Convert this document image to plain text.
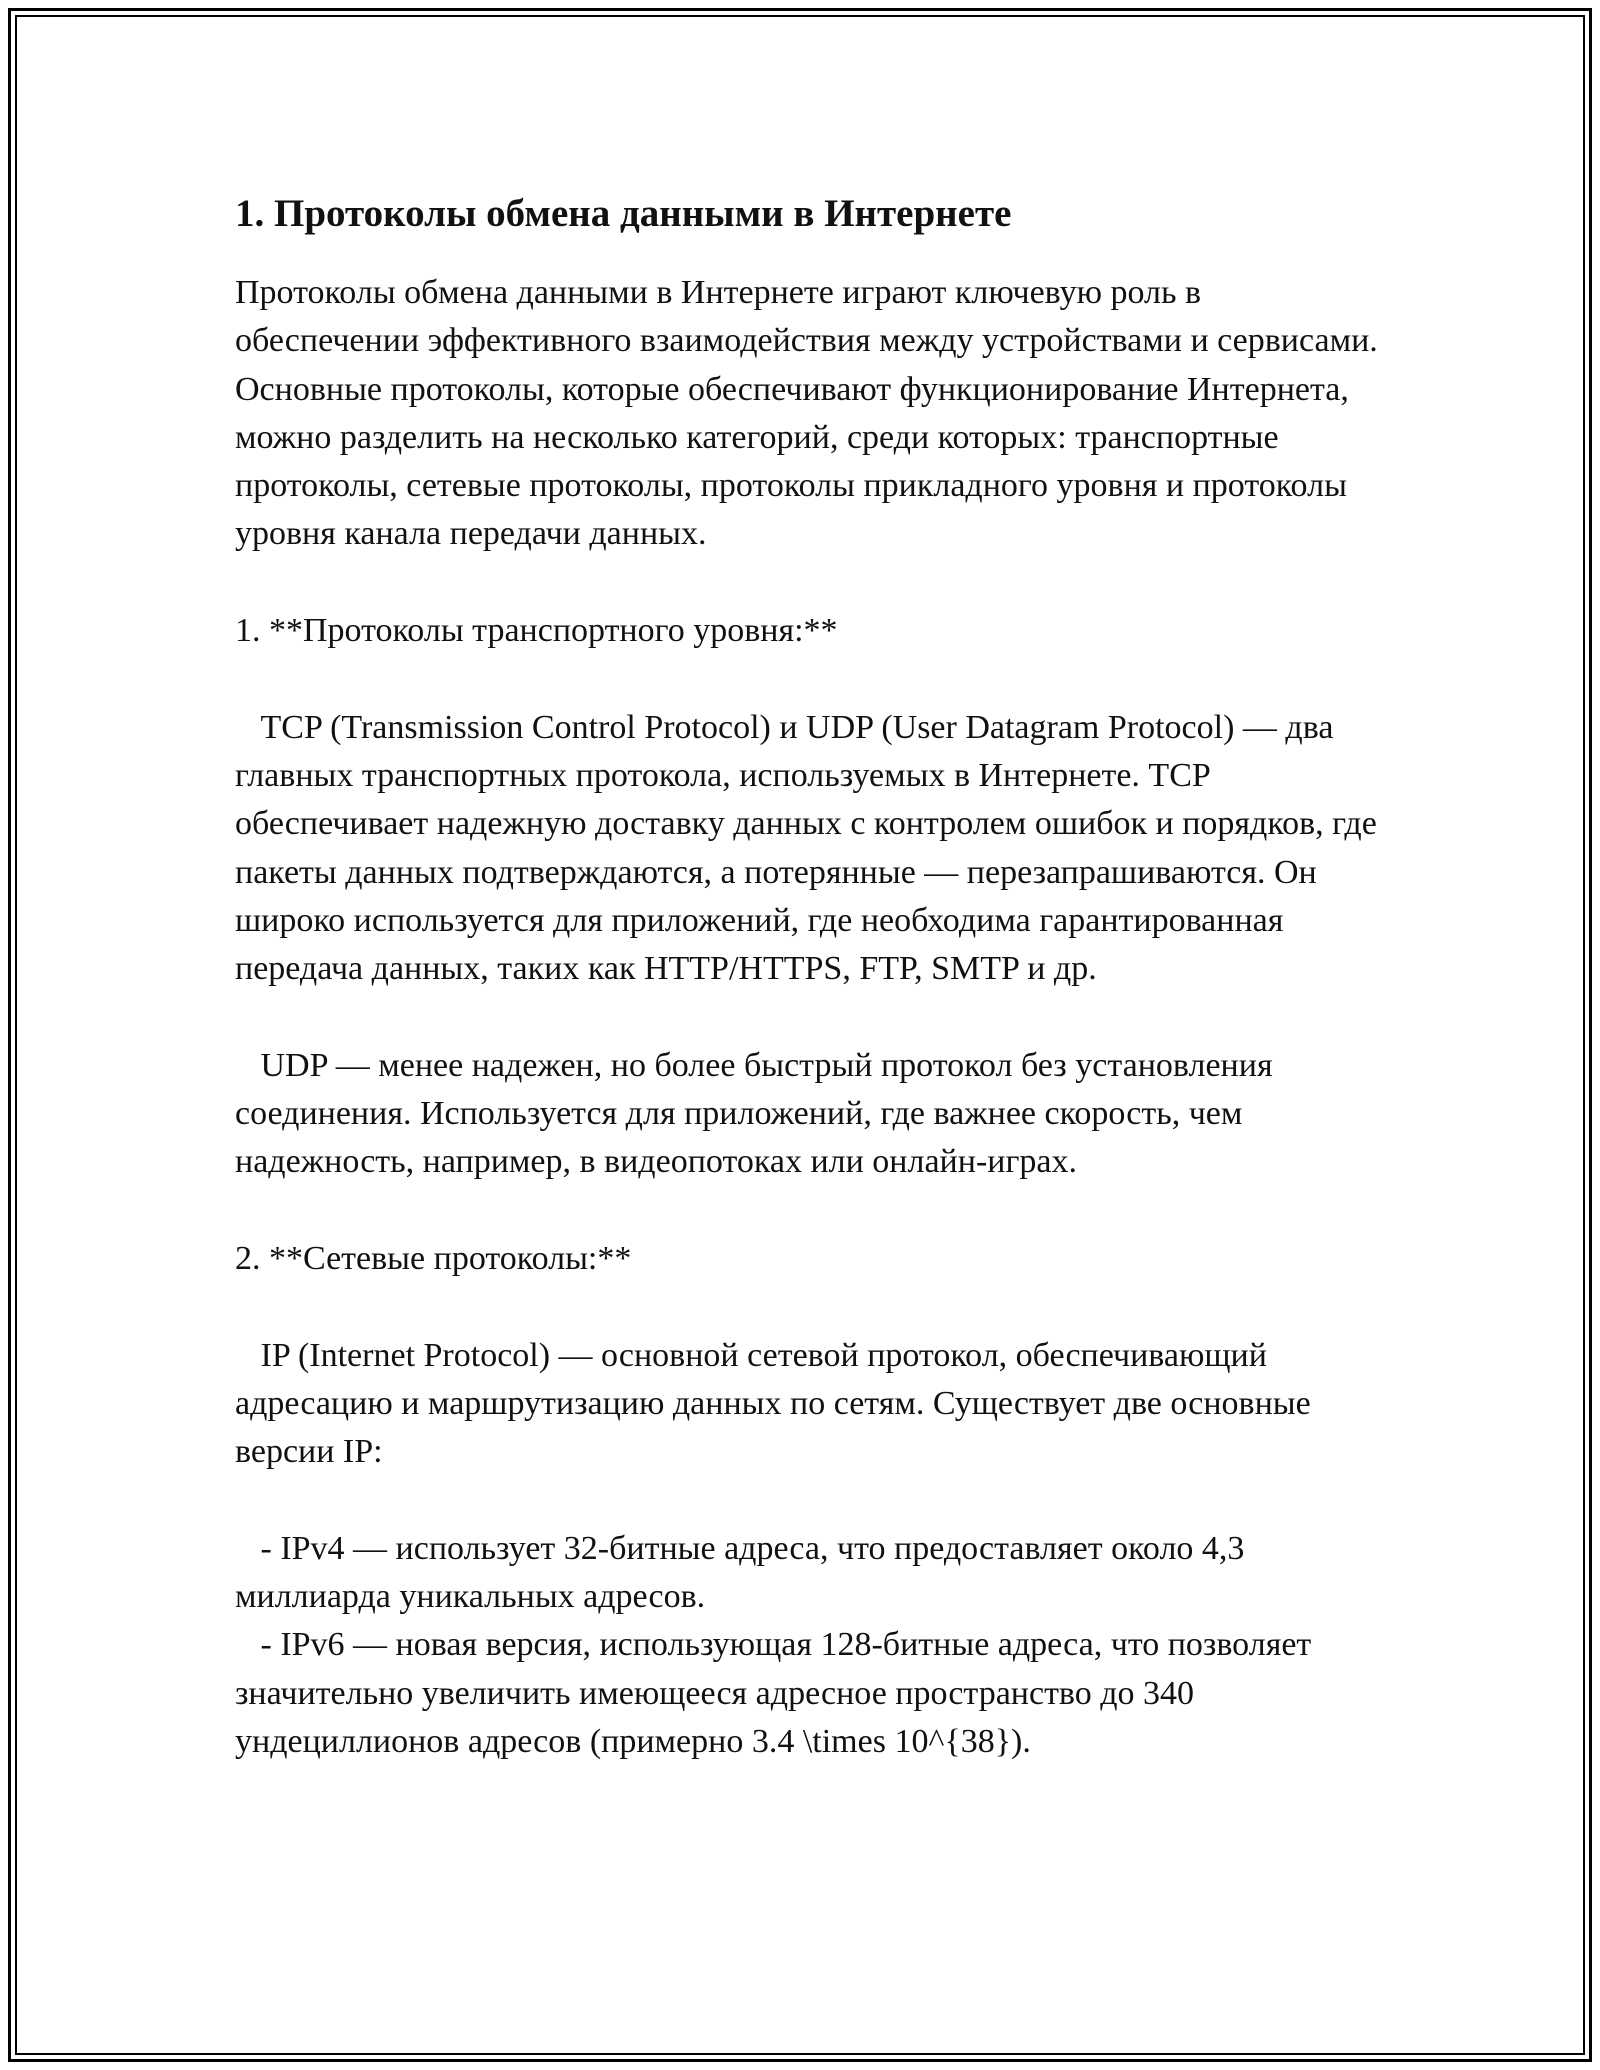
1. Протоколы обмена данными в Интернете

Протоколы обмена данными в Интернете играют ключевую роль в обеспечении эффективного взаимодействия между устройствами и сервисами. Основные протоколы, которые обеспечивают функционирование Интернета, можно разделить на несколько категорий, среди которых: транспортные протоколы, сетевые протоколы, протоколы прикладного уровня и протоколы уровня канала передачи данных.

1. **Протоколы транспортного уровня:**

TCP (Transmission Control Protocol) и UDP (User Datagram Protocol) — два главных транспортных протокола, используемых в Интернете. TCP обеспечивает надежную доставку данных с контролем ошибок и порядков, где пакеты данных подтверждаются, а потерянные — перезапрашиваются. Он широко используется для приложений, где необходима гарантированная передача данных, таких как HTTP/HTTPS, FTP, SMTP и др.

UDP — менее надежен, но более быстрый протокол без установления соединения. Используется для приложений, где важнее скорость, чем надежность, например, в видеопотоках или онлайн-играх.

2. **Сетевые протоколы:**

IP (Internet Protocol) — основной сетевой протокол, обеспечивающий адресацию и маршрутизацию данных по сетям. Существует две основные версии IP:

- IPv4 — использует 32-битные адреса, что предоставляет около 4,3 миллиарда уникальных адресов.

- IPv6 — новая версия, использующая 128-битные адреса, что позволяет значительно увеличить имеющееся адресное пространство до 340 ундециллионов адресов (примерно 3.4 \times 10^{38}).
